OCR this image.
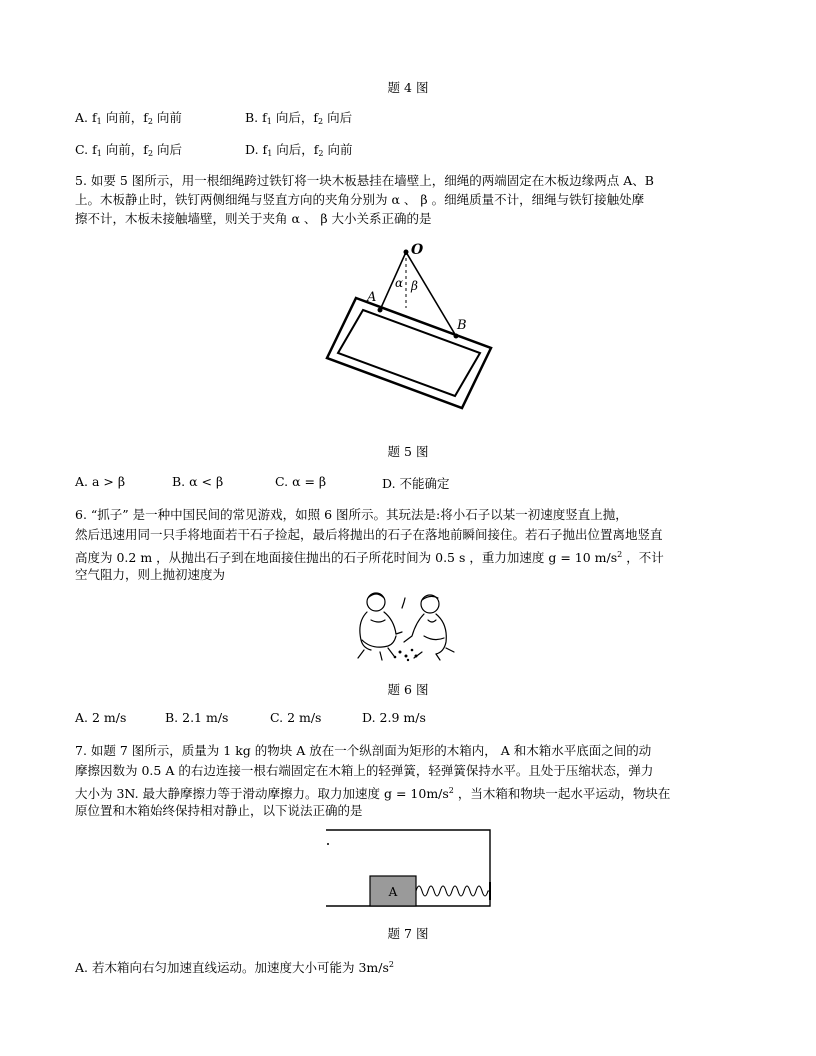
题 4 图
A. $f_1$ 向前，$f_2$ 向前	B. $f_1$ 向后，$f_2$ 向后
C. $f_1$ 向前，$f_2$ 向后	D. $f_1$ 向后，$f_2$ 向前
5. 如要 5 图所示，用一根细绳跨过铁钉将一块木板悬挂在墙壁上，细绳的两端固定在木板边缘两点 A、B
上。木板静止时，铁钉两侧细绳与竖直方向的夹角分别为 α 、 β 。细绳质量不计，细绳与铁钉接触处摩
擦不计，木板未接触墙壁，则关于夹角 α 、 β 大小关系正确的是
O
A
B
α β
题 5 图
A. a > β	B. α < β	C. α = β	D. 不能确定
6. “抓子” 是一种中国民间的常见游戏，如照 6 图所示。其玩法是:将小石子以某一初速度竖直上抛，
然后迅速用同一只手将地面若干石子捡起，最后将抛出的石子在落地前瞬间接住。若石子抛出位置离地竖直
高度为 0.2 m ，从抛出石子到在地面接住抛出的石子所花时间为 0.5 s ，重力加速度 g = 10 $m/s^2$ ，不计
空气阻力，则上抛初速度为
题 6 图
A. 2 m/s	B. 2.1 m/s	C. 2 m/s	D. 2.9 m/s
7. 如题 7 图所示，质量为 1 kg 的物块 A 放在一个纵剖面为矩形的木箱内， A 和木箱水平底面之间的动
摩擦因数为 0.5 A 的右边连接一根右端固定在木箱上的轻弹簧，轻弹簧保持水平。且处于压缩状态，弹力
大小为 3N. 最大静摩擦力等于滑动摩擦力。取力加速度 $g = 10m/s^2$ ，当木箱和物块一起水平运动，物块在
原位置和木箱始终保持相对静止，以下说法正确的是
A
题 7 图
A. 若木箱向右匀加速直线运动。加速度大小可能为 $3m/s^2$
